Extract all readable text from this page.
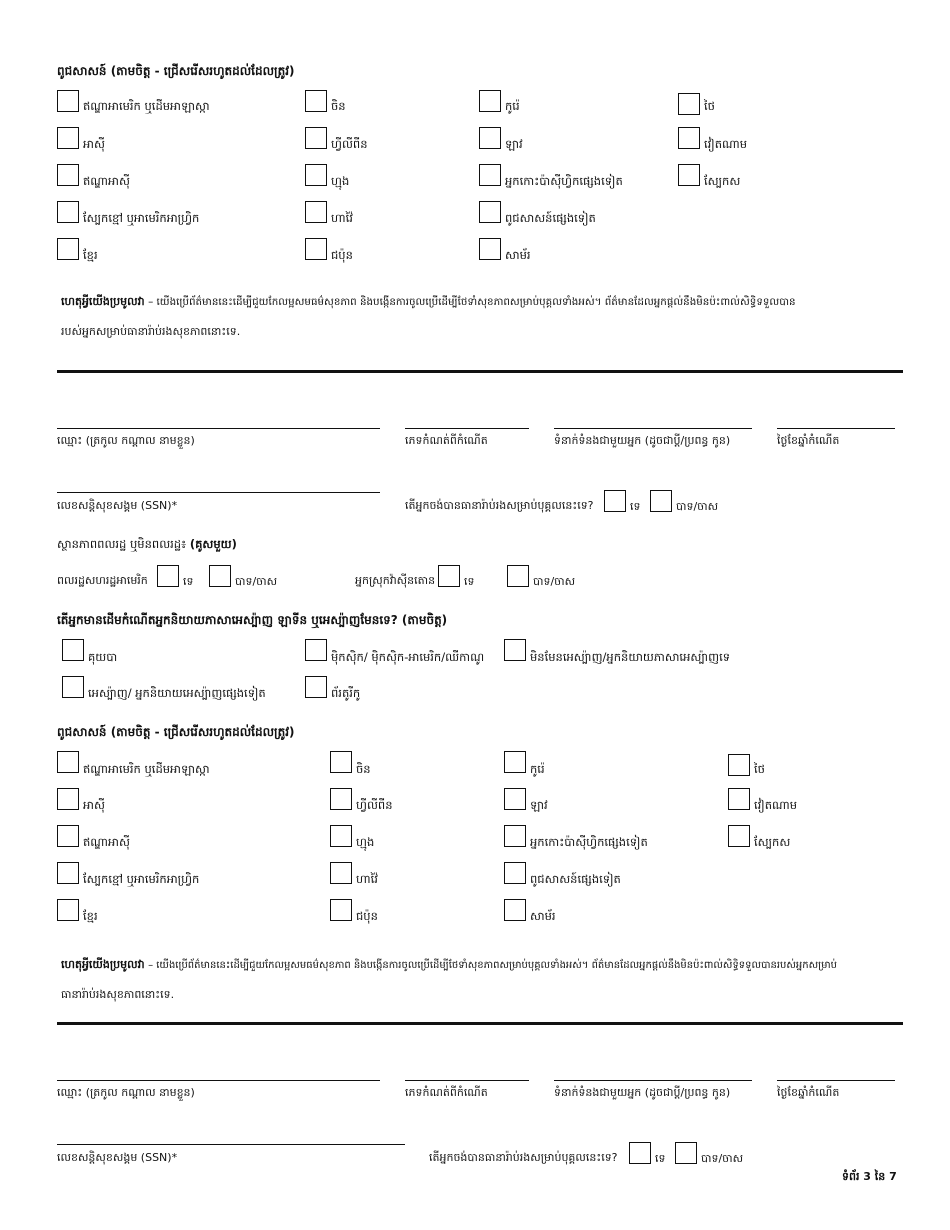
ពូជសាសន៍ (តាមចិត្ត - ជ្រើសរើសរហូតដល់់ដែលត្រូវ)
ឥណ្ឌាអាមេរិក ឬដើមអាឡាស្កា	ចិន	កូរ៉េ	ថៃ
អាស៊ី	ហ្វីលីពីន	ឡាវ	វៀតណាម
ឥណ្ឌាអាស៊ី	ហ្មុង	អ្នកកោះប៉ាស៊ីហ្វិកផ្សេងទៀត	ស្បែកស
ស្បែកខ្មៅ ឬអាមេរិកអាហ្វ្រិក	ហាវ៉ៃ	ពូជសាសន៍ផ្សេងទៀត
ខ្មែរ	ជប៉ុន	សាម័រ
ហេតុអ្វីយើងប្រមូលវា – យើងប្រើព័ត៌មាននេះដើម្បីជួយកែលម្អសមធម៌សុខភាព និងបង្កើនការចូលប្រើដើម្បីថែទាំសុខភាពសម្រាប់បុគ្គលទាំងអស់។ ព័ត៌មានដែលអ្នកផ្តល់នឹងមិនប៉ះពាល់សិទ្ធិទទួលបាន
របស់អ្នកសម្រាប់ធានារ៉ាប់រងសុខភាពនោះទេ.
ឈ្មោះ (ត្រកូល កណ្តាល នាមខ្លួន)	ភេទកំណត់ពីកំណើត	ទំនាក់ទំនងជាមួយអ្នក (ដូចជាប្តី/ប្រពន្ធ កូន)	ថ្ងៃខែឆ្នាំកំណើត
លេខសន្តិសុខសង្គម (SSN)*	តើអ្នកចង់បានធានារ៉ាប់រងសម្រាប់បុគ្គលនេះទេ?	ទេ	បាទ/ចាស
ស្ថានភាពពលរដ្ឋ ឬមិនពលរដ្ឋ៖ (គូសមួយ)
ពលរដ្ឋសហរដ្ឋអាមេរិក	ទេ	បាទ/ចាស	អ្នកស្រុកវ៉ាស៊ីនតោន	ទេ	បាទ/ចាស
តើអ្នកមានដើមកំណើតអ្នកនិយាយភាសាអេស្ប៉ាញ ឡាទីន ឬអេស្ប៉ាញមែនទេ? (តាមចិត្ត)
គុយបា	ម៉ិកស៊ិក/ ម៉ិកស៊ិក-អាមេរិក/ឈីកាណូ	មិនមែនអេស្ប៉ាញ/អ្នកនិយាយភាសាអេស្ប៉ាញទេ
អេស្ប៉ាញ/ អ្នកនិយាយអេស្ប៉ាញផ្សេងទៀត	ព័រតូរីកូ
ពូជសាសន៍ (តាមចិត្ត - ជ្រើសរើសរហូតដល់់ដែលត្រូវ)
ឥណ្ឌាអាមេរិក ឬដើមអាឡាស្កា	ចិន	កូរ៉េ	ថៃ
អាស៊ី	ហ្វីលីពីន	ឡាវ	វៀតណាម
ឥណ្ឌាអាស៊ី	ហ្មុង	អ្នកកោះប៉ាស៊ីហ្វិកផ្សេងទៀត	ស្បែកស
ស្បែកខ្មៅ ឬអាមេរិកអាហ្វ្រិក	ហាវ៉ៃ	ពូជសាសន៍ផ្សេងទៀត
ខ្មែរ	ជប៉ុន	សាម័រ
ហេតុអ្វីយើងប្រមូលវា – យើងប្រើព័ត៌មាននេះដើម្បីជួយកែលម្អសមធម៌សុខភាព និងបង្កើនការចូលប្រើដើម្បីថែទាំសុខភាពសម្រាប់បុគ្គលទាំងអស់។ ព័ត៌មានដែលអ្នកផ្តល់នឹងមិនប៉ះពាល់សិទ្ធិទទួលបានរបស់អ្នកសម្រាប់
ធានារ៉ាប់រងសុខភាពនោះទេ.
ឈ្មោះ (ត្រកូល កណ្តាល នាមខ្លួន)	ភេទកំណត់ពីកំណើត	ទំនាក់ទំនងជាមួយអ្នក (ដូចជាប្តី/ប្រពន្ធ កូន)	ថ្ងៃខែឆ្នាំកំណើត
លេខសន្តិសុខសង្គម (SSN)*	តើអ្នកចង់បានធានារ៉ាប់រងសម្រាប់បុគ្គលនេះទេ?	ទេ	បាទ/ចាស
ទំព័រ 3 នៃ 7
